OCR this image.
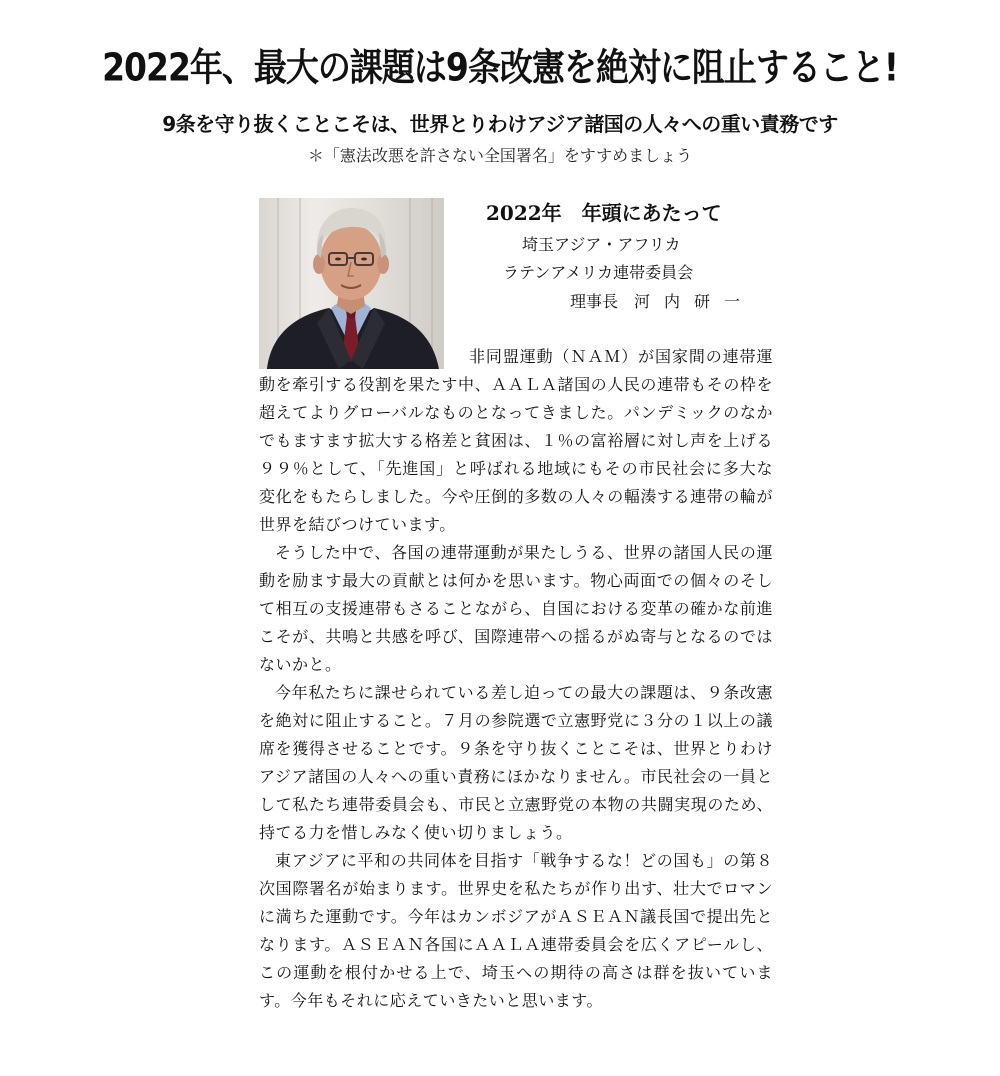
2022年、最大の課題は9条改憲を絶対に阻止すること!
9条を守り抜くことこそは、世界とりわけアジア諸国の人々への重い責務です
＊「憲法改悪を許さない全国署名」をすすめましょう
2022年　年頭にあたって
埼玉アジア・アフリカ
ラテンアメリカ連帯委員会
理事長　 河内研一

非同盟運動（ＮＡＭ）が国家間の連帯運動を牽引する役割を果たす中、ＡＡＬＡ諸国の人民の連帯もその枠を超えてよりグローバルなものとなってきました。パンデミックのなかでもますます拡大する格差と貧困は、１％の富裕層に対し声を上げる９９％として、「先進国」と呼ばれる地域にもその市民社会に多大な変化をもたらしました。今や圧倒的多数の人々の輻湊する連帯の輪が世界を結びつけています。

そうした中で、各国の連帯運動が果たしうる、世界の諸国人民の運動を励ます最大の貢献とは何かを思います。物心両面での個々のそして相互の支援連帯もさることながら、自国における変革の確かな前進こそが、共鳴と共感を呼び、国際連帯への揺るがぬ寄与となるのではないかと。

今年私たちに課せられている差し迫っての最大の課題は、９条改憲を絶対に阻止すること。７月の参院選で立憲野党に３分の１以上の議席を獲得させることです。９条を守り抜くことこそは、世界とりわけアジア諸国の人々への重い責務にほかなりません。市民社会の一員として私たち連帯委員会も、市民と立憲野党の本物の共闘実現のため、持てる力を惜しみなく使い切りましょう。

東アジアに平和の共同体を目指す「戦争するな！どの国も」の第８次国際署名が始まります。世界史を私たちが作り出す、壮大でロマンに満ちた運動です。今年はカンボジアがＡＳＥＡＮ議長国で提出先となります。ＡＳＥＡＮ各国にＡＡＬＡ連帯委員会を広くアピールし、この運動を根付かせる上で、埼玉への期待の高さは群を抜いています。今年もそれに応えていきたいと思います。
